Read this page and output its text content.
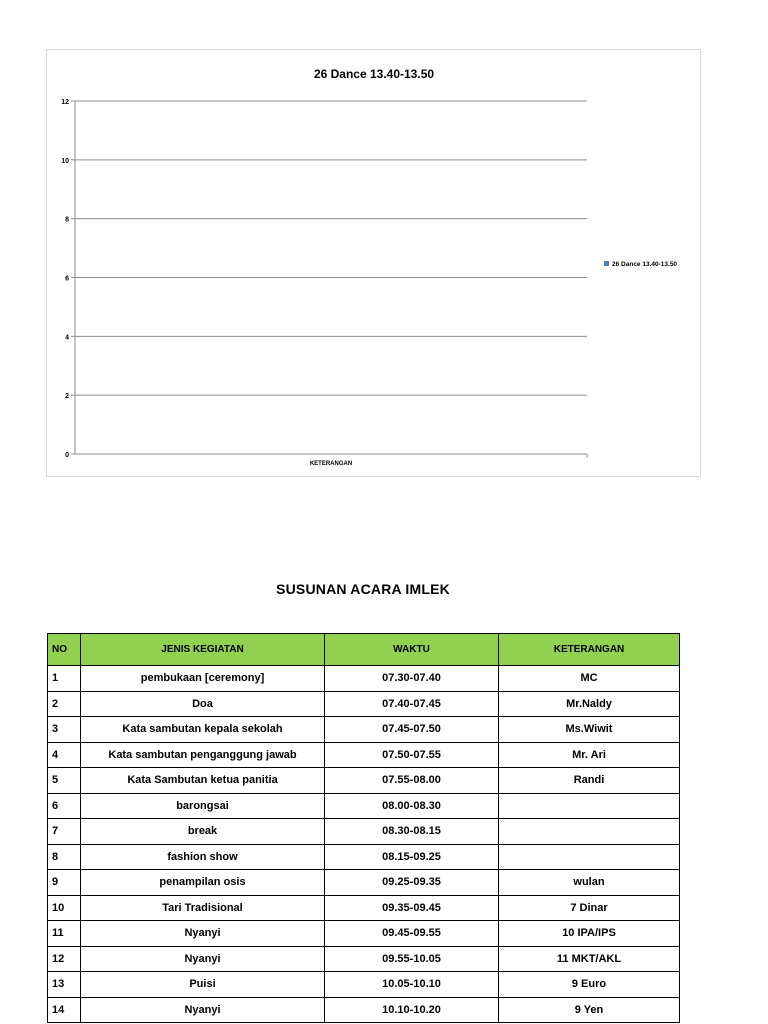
26 Dance 13.40-13.50
0
2
4
6
8
10
12
KETERANGAN
26 Dance 13.40-13.50
SUSUNAN ACARA IMLEK
NO	JENIS KEGIATAN	WAKTU	KETERANGAN
1	pembukaan [ceremony]	07.30-07.40	MC
2	Doa	07.40-07.45	Mr.Naldy
3	Kata sambutan kepala sekolah	07.45-07.50	Ms.Wiwit
4	Kata sambutan penganggung jawab	07.50-07.55	Mr. Ari
5	Kata Sambutan ketua panitia	07.55-08.00	Randi
6	barongsai	08.00-08.30	
7	break	08.30-08.15	
8	fashion show	08.15-09.25	
9	penampilan osis	09.25-09.35	wulan
10	Tari Tradisional	09.35-09.45	7 Dinar
11	Nyanyi	09.45-09.55	10 IPA/IPS
12	Nyanyi	09.55-10.05	11 MKT/AKL
13	Puisi	10.05-10.10	9 Euro
14	Nyanyi	10.10-10.20	9 Yen
